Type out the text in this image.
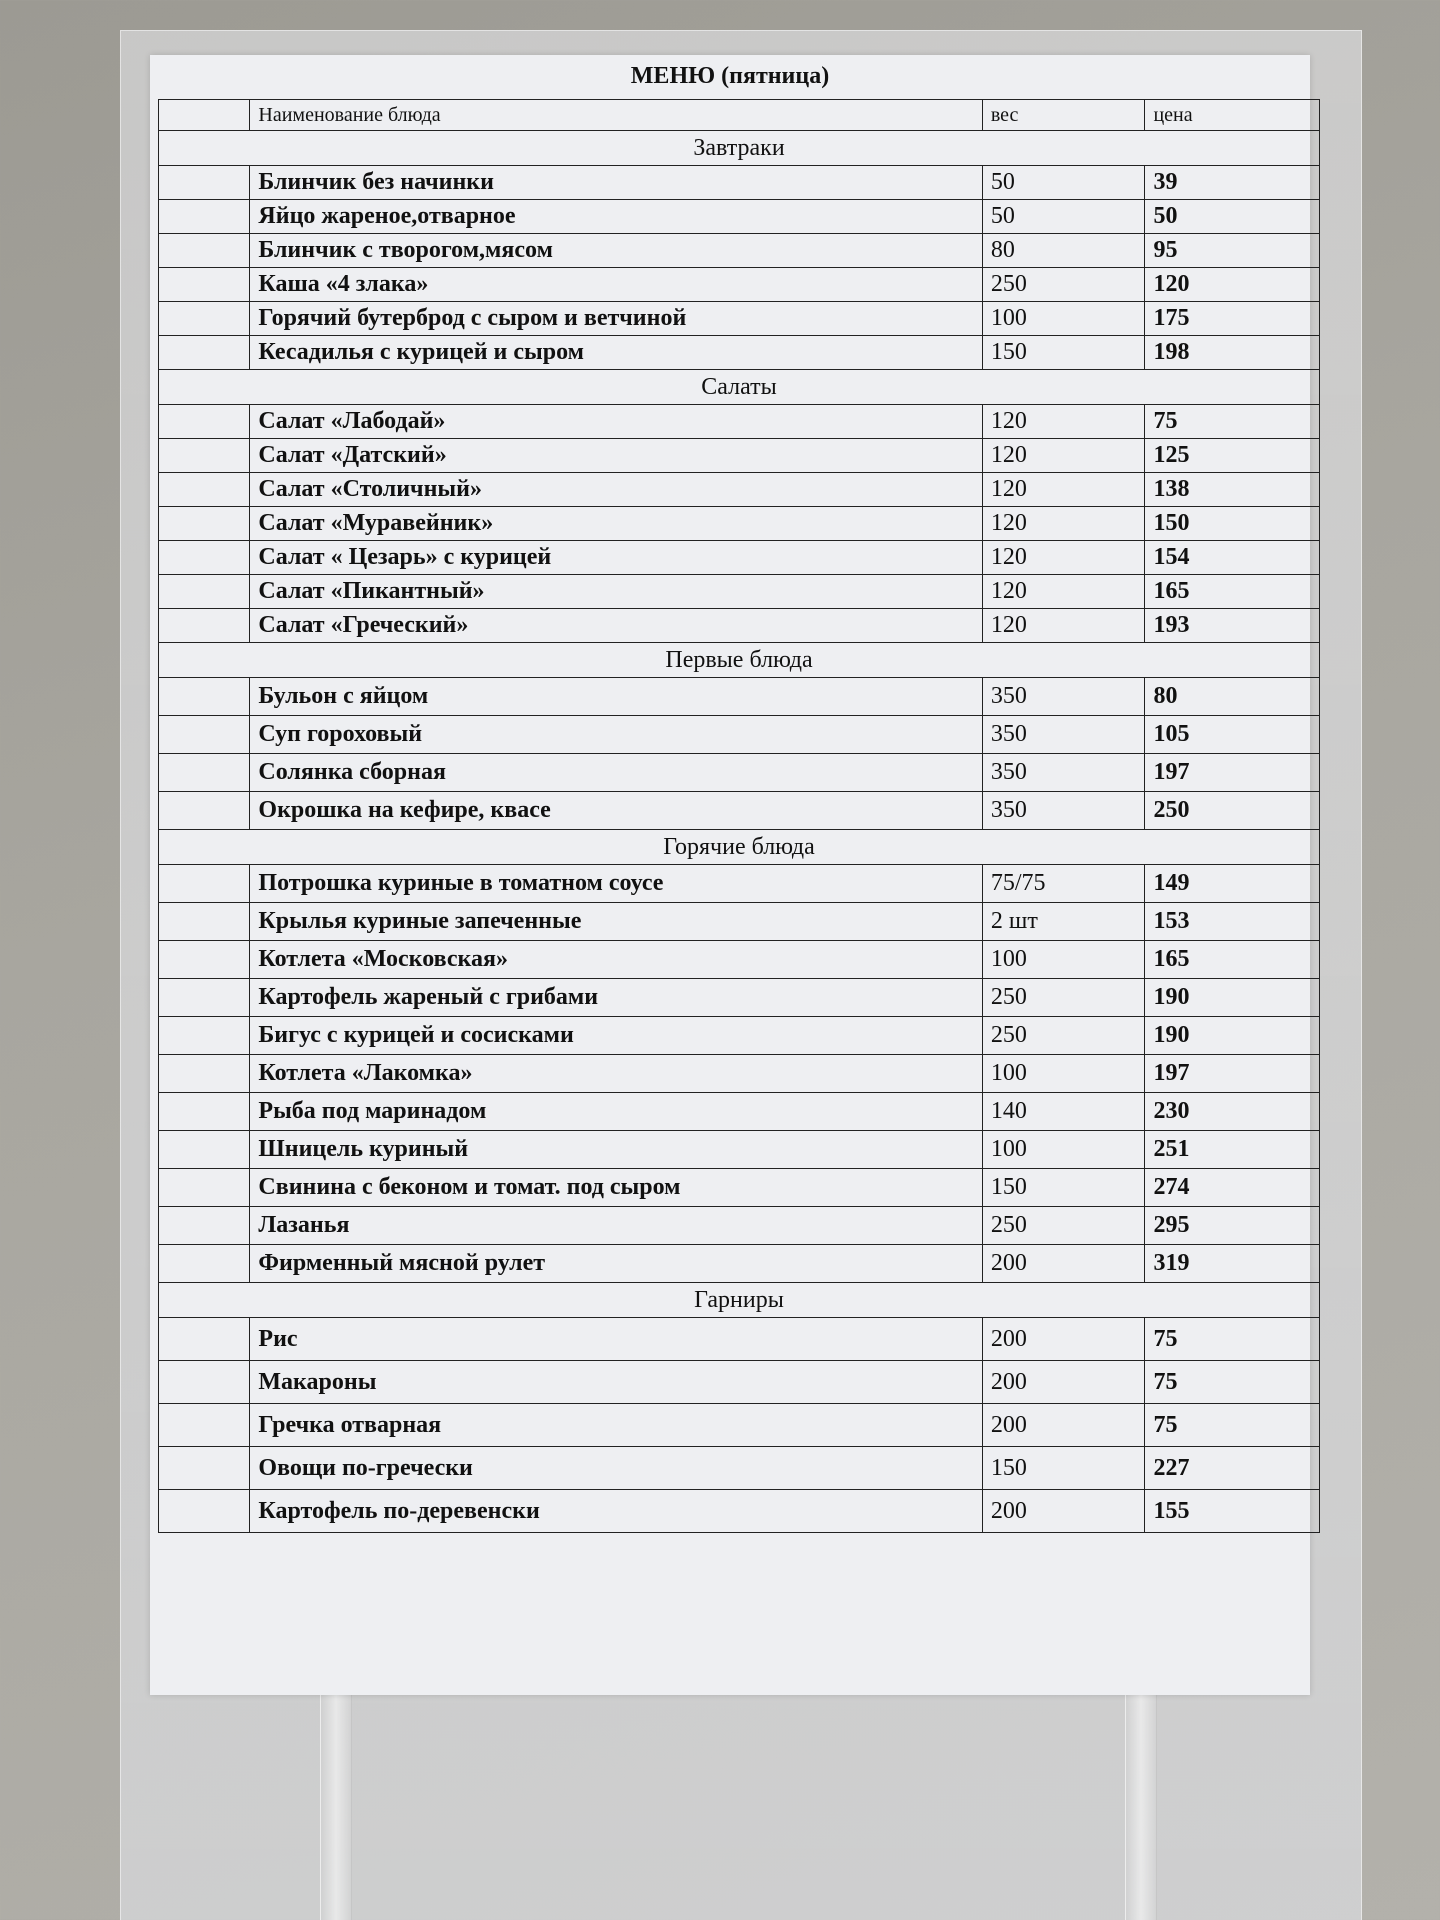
МЕНЮ (пятница)
	Наименование блюда	вес	цена
Завтраки			
	Блинчик без начинки	50	39
	Яйцо жареное,отварное	50	50
	Блинчик с творогом,мясом	80	95
	Каша «4 злака»	250	120
	Горячий бутерброд с сыром и ветчиной	100	175
	Кесадилья с курицей и сыром	150	198
Салаты			
	Салат «Лабодай»	120	75
	Салат «Датский»	120	125
	Салат «Столичный»	120	138
	Салат «Муравейник»	120	150
	Салат « Цезарь» с курицей	120	154
	Салат «Пикантный»	120	165
	Салат «Греческий»	120	193
Первые блюда			
	Бульон с яйцом	350	80
	Суп гороховый	350	105
	Солянка сборная	350	197
	Окрошка на кефире, квасе	350	250
Горячие блюда			
	Потрошка куриные в томатном соусе	75/75	149
	Крылья куриные запеченные	2 шт	153
	Котлета «Московская»	100	165
	Картофель жареный с грибами	250	190
	Бигус с курицей и сосисками	250	190
	Котлета «Лакомка»	100	197
	Рыба под маринадом	140	230
	Шницель куриный	100	251
	Свинина с беконом и томат. под сыром	150	274
	Лазанья	250	295
	Фирменный мясной рулет	200	319
Гарниры			
	Рис	200	75
	Макароны	200	75
	Гречка отварная	200	75
	Овощи по-гречески	150	227
	Картофель по-деревенски	200	155
